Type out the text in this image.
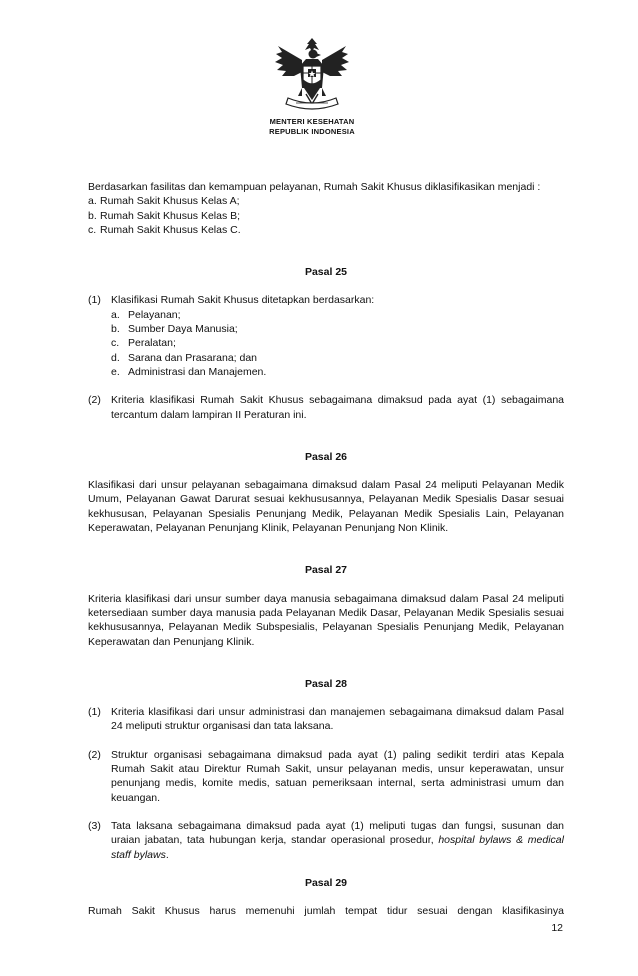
MENTERI KESEHATAN
REPUBLIK INDONESIA

Berdasarkan fasilitas dan kemampuan pelayanan, Rumah Sakit Khusus diklasifikasikan menjadi :

a. Rumah Sakit Khusus Kelas A;
b. Rumah Sakit Khusus Kelas B;
c. Rumah Sakit Khusus Kelas C.

Pasal 25

(1) Klasifikasi Rumah Sakit Khusus ditetapkan berdasarkan:
a. Pelayanan;
b. Sumber Daya Manusia;
c. Peralatan;
d. Sarana dan Prasarana; dan
e. Administrasi dan Manajemen.
(2) Kriteria klasifikasi Rumah Sakit Khusus sebagaimana dimaksud pada ayat (1) sebagaimana tercantum dalam lampiran II Peraturan ini.

Pasal 26

Klasifikasi dari unsur pelayanan sebagaimana dimaksud dalam Pasal 24 meliputi Pelayanan Medik Umum, Pelayanan Gawat Darurat sesuai kekhususannya, Pelayanan Medik Spesialis Dasar sesuai kekhususan, Pelayanan Spesialis Penunjang Medik, Pelayanan Medik Spesialis Lain, Pelayanan Keperawatan, Pelayanan Penunjang Klinik, Pelayanan Penunjang Non Klinik.

Pasal 27

Kriteria klasifikasi dari unsur sumber daya manusia sebagaimana dimaksud dalam Pasal 24 meliputi ketersediaan sumber daya manusia pada Pelayanan Medik Dasar, Pelayanan Medik Spesialis sesuai kekhususannya, Pelayanan Medik Subspesialis, Pelayanan Spesialis Penunjang Medik, Pelayanan Keperawatan dan Penunjang Klinik.

Pasal 28

(1) Kriteria klasifikasi dari unsur administrasi dan manajemen sebagaimana dimaksud dalam Pasal 24 meliputi struktur organisasi dan tata laksana.
(2) Struktur organisasi sebagaimana dimaksud pada ayat (1) paling sedikit terdiri atas Kepala Rumah Sakit atau Direktur Rumah Sakit, unsur pelayanan medis, unsur keperawatan, unsur penunjang medis, komite medis, satuan pemeriksaan internal, serta administrasi umum dan keuangan.
(3) Tata laksana sebagaimana dimaksud pada ayat (1) meliputi tugas dan fungsi, susunan dan uraian jabatan, tata hubungan kerja, standar operasional prosedur, hospital bylaws & medical staff bylaws.

Pasal 29

Rumah Sakit Khusus harus memenuhi jumlah tempat tidur sesuai dengan klasifikasinya

12
